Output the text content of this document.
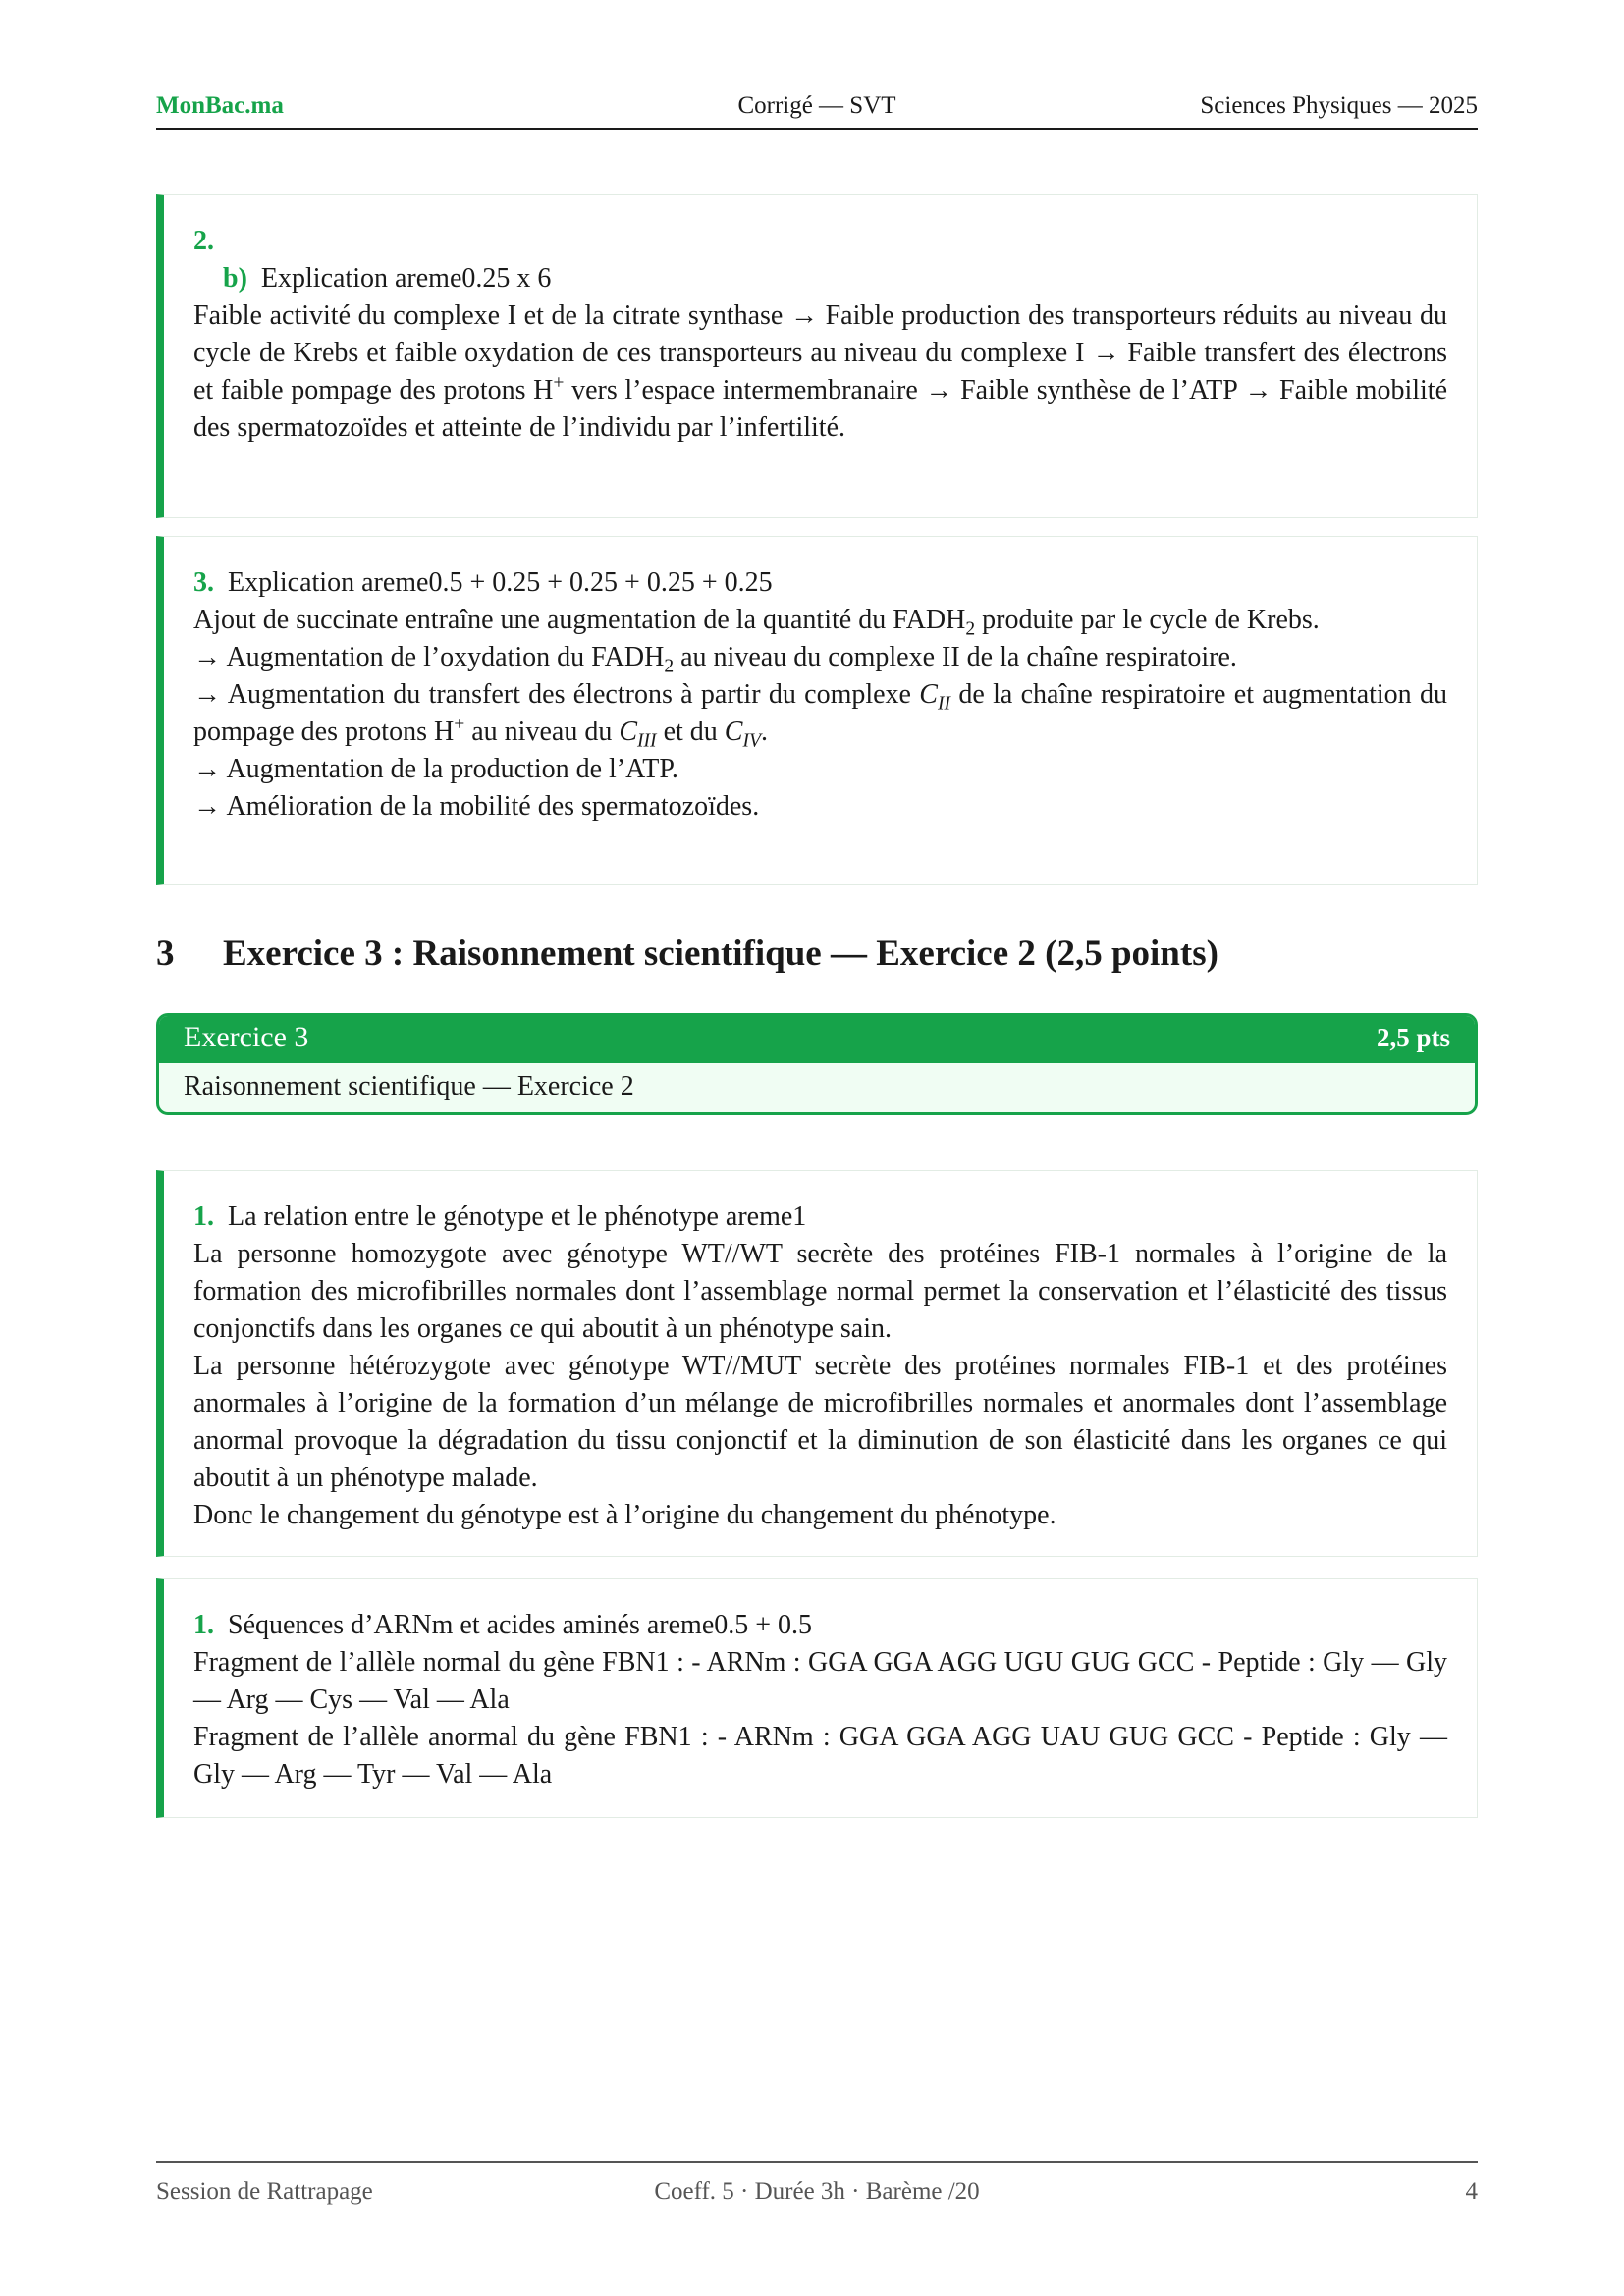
MonBac.ma	Corrigé — SVT	Sciences Physiques — 2025
2.
b) Explication areme0.25 x 6

Faible activité du complexe I et de la citrate synthase → Faible production des transporteurs réduits au niveau du cycle de Krebs et faible oxydation de ces transporteurs au niveau du complexe I → Faible transfert des électrons et faible pompage des protons H+ vers l’espace intermembranaire → Faible synthèse de l’ATP → Faible mobilité des spermatozoïdes et atteinte de l’individu par l’infertilité.

3. Explication areme0.5 + 0.25 + 0.25 + 0.25 + 0.25

Ajout de succinate entraîne une augmentation de la quantité du $FADH_2$ produite par le cycle de Krebs.

→ Augmentation de l’oxydation du $FADH_2$ au niveau du complexe II de la chaîne respiratoire.

→ Augmentation du transfert des électrons à partir du complexe $C_{II}$ de la chaîne respiratoire et augmentation du pompage des protons H+ au niveau du $C_{III}$ et du $C_{IV}$.

→ Augmentation de la production de l’ATP.

→ Amélioration de la mobilité des spermatozoïdes.

3 Exercice 3 : Raisonnement scientifique — Exercice 2 (2,5 points)
Exercice 3	2,5 pts
Raisonnement scientifique — Exercice 2
1. La relation entre le génotype et le phénotype areme1

La personne homozygote avec génotype WT//WT secrète des protéines FIB-1 normales à l’origine de la formation des microfibrilles normales dont l’assemblage normal permet la conservation et l’élasticité des tissus conjonctifs dans les organes ce qui aboutit à un phénotype sain.

La personne hétérozygote avec génotype WT//MUT secrète des protéines normales FIB-1 et des protéines anormales à l’origine de la formation d’un mélange de microfibrilles normales et anormales dont l’assemblage anormal provoque la dégradation du tissu conjonctif et la diminution de son élasticité dans les organes ce qui aboutit à un phénotype malade.

Donc le changement du génotype est à l’origine du changement du phénotype.

1. Séquences d’ARNm et acides aminés areme0.5 + 0.5

Fragment de l’allèle normal du gène FBN1 : - ARNm : GGA GGA AGG UGU GUG GCC - Peptide : Gly — Gly — Arg — Cys — Val — Ala

Fragment de l’allèle anormal du gène FBN1 : - ARNm : GGA GGA AGG UAU GUG GCC - Peptide : Gly — Gly — Arg — Tyr — Val — Ala

Session de Rattrapage	Coeff. 5 · Durée 3h · Barème /20	4
